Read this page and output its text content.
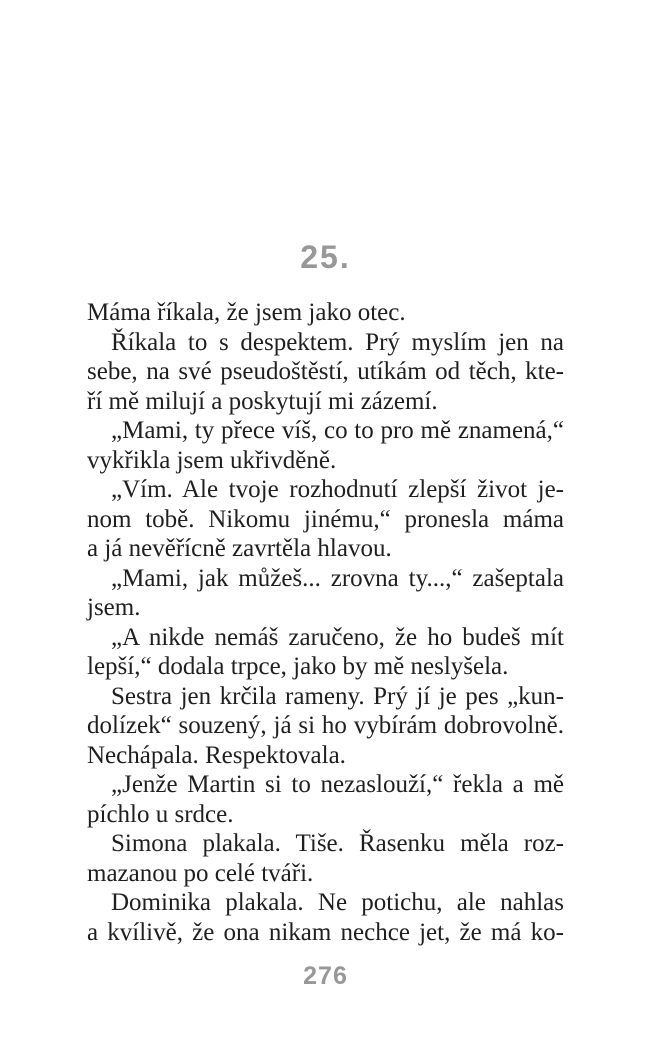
25.
Máma říkala, že jsem jako otec.
Říkala to s despektem. Prý myslím jen na
sebe, na své pseudoštěstí, utíkám od těch, kte-
ří mě milují a poskytují mi zázemí.
„Mami, ty přece víš, co to pro mě znamená,“
vykřikla jsem ukřivděně.
„Vím. Ale tvoje rozhodnutí zlepší život je-
nom tobě. Nikomu jinému,“ pronesla máma
a já nevěřícně zavrtěla hlavou.
„Mami, jak můžeš... zrovna ty...,“ zašeptala
jsem.
„A nikde nemáš zaručeno, že ho budeš mít
lepší,“ dodala trpce, jako by mě neslyšela.
Sestra jen krčila rameny. Prý jí je pes „kun-
dolízek“ souzený, já si ho vybírám dobrovolně.
Nechápala. Respektovala.
„Jenže Martin si to nezaslouží,“ řekla a mě
píchlo u srdce.
Simona plakala. Tiše. Řasenku měla roz-
mazanou po celé tváři.
Dominika plakala. Ne potichu, ale nahlas
a kvílivě, že ona nikam nechce jet, že má ko-
276
